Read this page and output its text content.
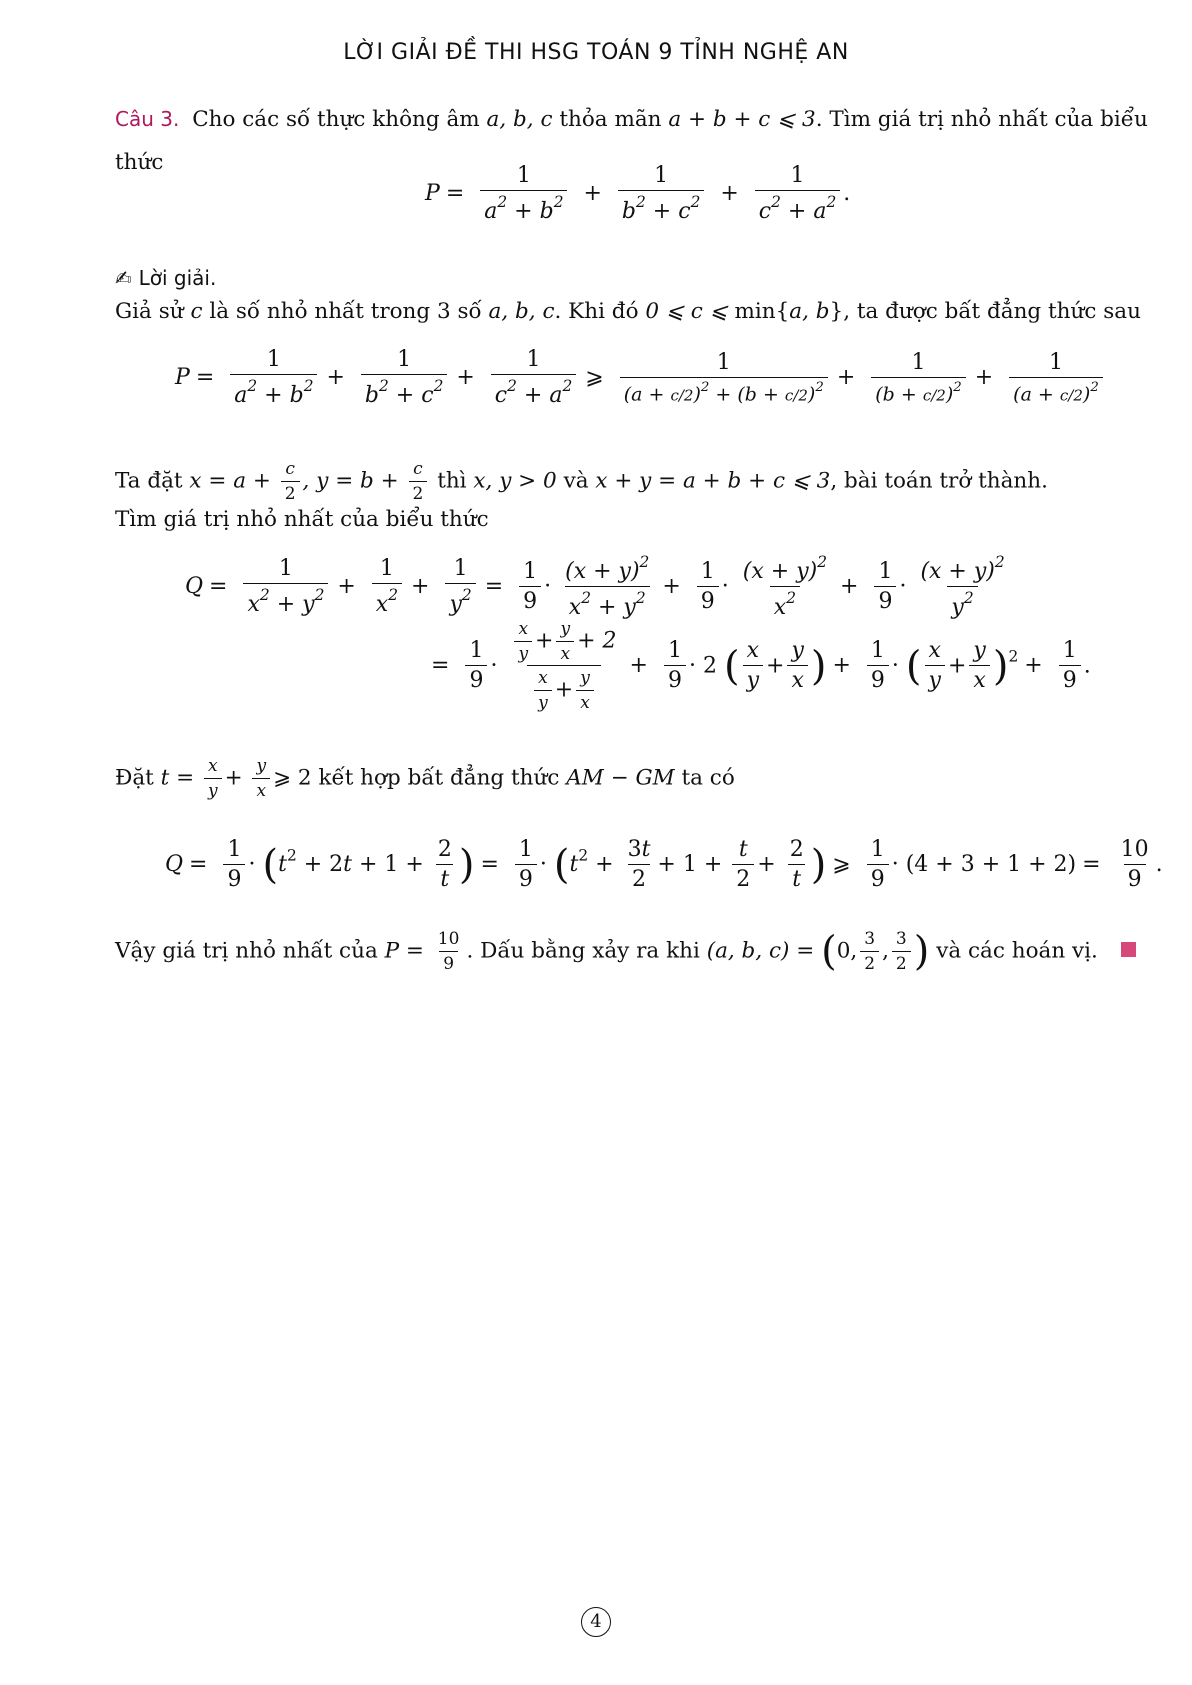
LỜI GIẢI ĐỀ THI HSG TOÁN 9 TỈNH NGHỆ AN
Câu 3. Cho các số thực không âm a, b, c thỏa mãn a + b + c ⩽ 3. Tìm giá trị nhỏ nhất của biểu
thức
$P = \frac{1}{a^2 + b^2} + \frac{1}{b^2 + c^2} + \frac{1}{c^2 + a^2}$ .
✍ Lời giải.
Giả sử c là số nhỏ nhất trong 3 số a, b, c. Khi đó 0 ⩽ c ⩽ min{a, b}, ta được bất đẳng thức sau
$P = \frac{1}{a^2 + b^2} + \frac{1}{b^2 + c^2} + \frac{1}{c^2 + a^2}$ ⩾ $\frac{1}{(a + c/2)^2 + (b + c/2)^2} + \frac{1}{(b + c/2)^2} + \frac{1}{(a + c/2)^2}$
Ta đặt $x = a + \frac{c}{2}$ , $y = b + \frac{c}{2}$ thì x, y > 0 và x + y = a + b + c ⩽ 3, bài toán trở thành.
Tìm giá trị nhỏ nhất của biểu thức
$Q = \frac{1}{x^2 + y^2} + \frac{1}{x^2} + \frac{1}{y^2} = \frac{1}{9} \cdot \frac{(x + y)^2}{x^2 + y^2} + \frac{1}{9} \cdot \frac{(x + y)^2}{x^2} + \frac{1}{9} \cdot \frac{(x + y)^2}{y^2}$
= $\frac{1}{9} \cdot \frac{\frac{x}{y} + \frac{y}{x} + 2}{\frac{x}{y} + \frac{y}{x}} + \frac{1}{9} \cdot 2$ ( $\frac{x}{y} + \frac{y}{x}$ ) + $\frac{1}{9}$ · ( $\frac{x}{y} + \frac{y}{x} )^2 + \frac{1}{9}$ .
Đặt $t = \frac{x}{y} + \frac{y}{x}$ ⩾ 2 kết hợp bất đẳng thức AM − GM ta có
$Q = \frac{1}{9} \cdot (t^2 + 2t + 1 + \frac{2}{t}$ ) = $\frac{1}{9} \cdot (t^2 + \frac{3t}{2} + 1 + \frac{t}{2} + \frac{2}{t}$ ) ⩾ $\frac{1}{9} \cdot (4 + 3 + 1 + 2) = \frac{10}{9}$ .
Vậy giá trị nhỏ nhất của $P = \frac{10}{9}$ . Dấu bằng xảy ra khi (a, b, c) = (0, $\frac{3}{2}$ , $\frac{3}{2}$ ) và các hoán vị.
4
